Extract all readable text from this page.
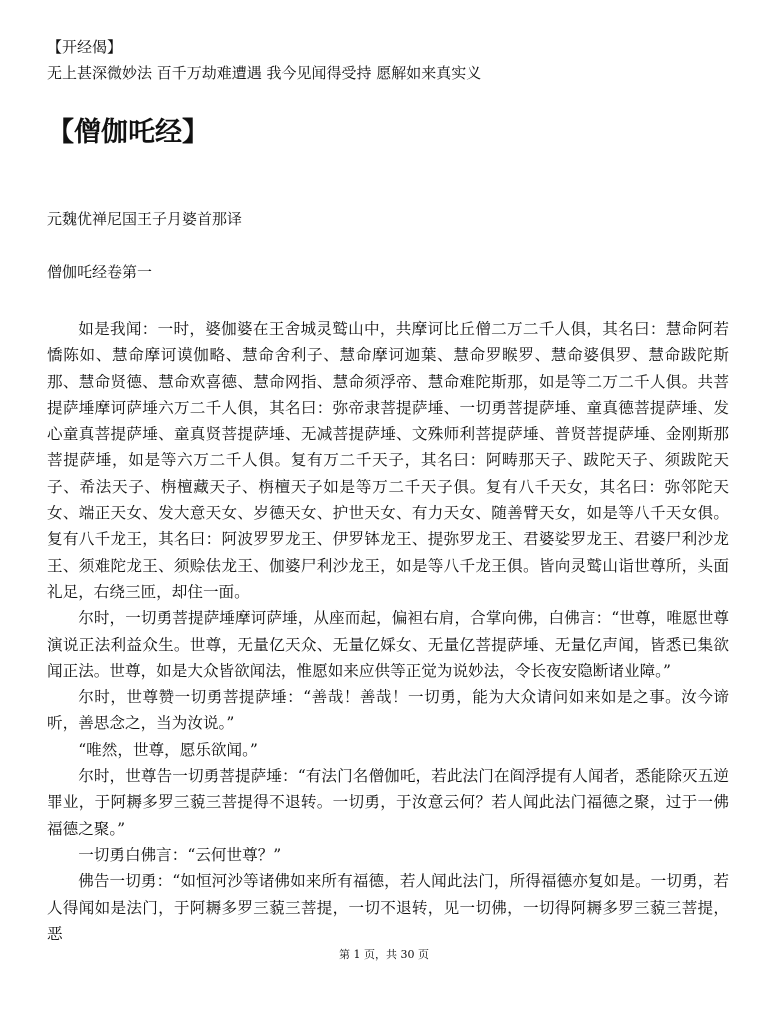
【开经偈】
无上甚深微妙法 百千万劫难遭遇 我今见闻得受持 愿解如来真实义
【僧伽吒经】
元魏优禅尼国王子月婆首那译
僧伽吒经卷第一

如是我闻：一时，婆伽婆在王舍城灵鹫山中，共摩诃比丘僧二万二千人俱，其名曰：慧命阿若憍陈如、慧命摩诃谟伽略、慧命舍利子、慧命摩诃迦葉、慧命罗睺罗、慧命婆俱罗、慧命跋陀斯那、慧命贤德、慧命欢喜德、慧命网指、慧命须浮帝、慧命难陀斯那，如是等二万二千人俱。共菩提萨埵摩诃萨埵六万二千人俱，其名曰：弥帝隶菩提萨埵、一切勇菩提萨埵、童真德菩提萨埵、发心童真菩提萨埵、童真贤菩提萨埵、无减菩提萨埵、文殊师利菩提萨埵、普贤菩提萨埵、金刚斯那菩提萨埵，如是等六万二千人俱。复有万二千天子，其名曰：阿畴那天子、跋陀天子、须跋陀天子、希法天子、栴檀藏天子、栴檀天子如是等万二千天子俱。复有八千天女，其名曰：弥邻陀天女、端正天女、发大意天女、岁德天女、护世天女、有力天女、随善臂天女，如是等八千天女俱。复有八千龙王，其名曰：阿波罗罗龙王、伊罗钵龙王、提弥罗龙王、君婆娑罗龙王、君婆尸利沙龙王、须难陀龙王、须赊佉龙王、伽婆尸利沙龙王，如是等八千龙王俱。皆向灵鹫山诣世尊所，头面礼足，右绕三匝，却住一面。

尔时，一切勇菩提萨埵摩诃萨埵，从座而起，偏袒右肩，合掌向佛，白佛言：“世尊，唯愿世尊演说正法利益众生。世尊，无量亿天众、无量亿婇女、无量亿菩提萨埵、无量亿声闻，皆悉已集欲闻正法。世尊，如是大众皆欲闻法，惟愿如来应供等正觉为说妙法，令长夜安隐断诸业障。”

尔时，世尊赞一切勇菩提萨埵：“善哉！善哉！一切勇，能为大众请问如来如是之事。汝今谛听，善思念之，当为汝说。”

“唯然，世尊，愿乐欲闻。”

尔时，世尊告一切勇菩提萨埵：“有法门名僧伽吒，若此法门在阎浮提有人闻者，悉能除灭五逆罪业，于阿耨多罗三藐三菩提得不退转。一切勇，于汝意云何？若人闻此法门福德之聚，过于一佛福德之聚。”

一切勇白佛言：“云何世尊？”

佛告一切勇：“如恒河沙等诸佛如来所有福德，若人闻此法门，所得福德亦复如是。一切勇，若人得闻如是法门，于阿耨多罗三藐三菩提，一切不退转，见一切佛，一切得阿耨多罗三藐三菩提，恶

第 1 页，共 30 页
